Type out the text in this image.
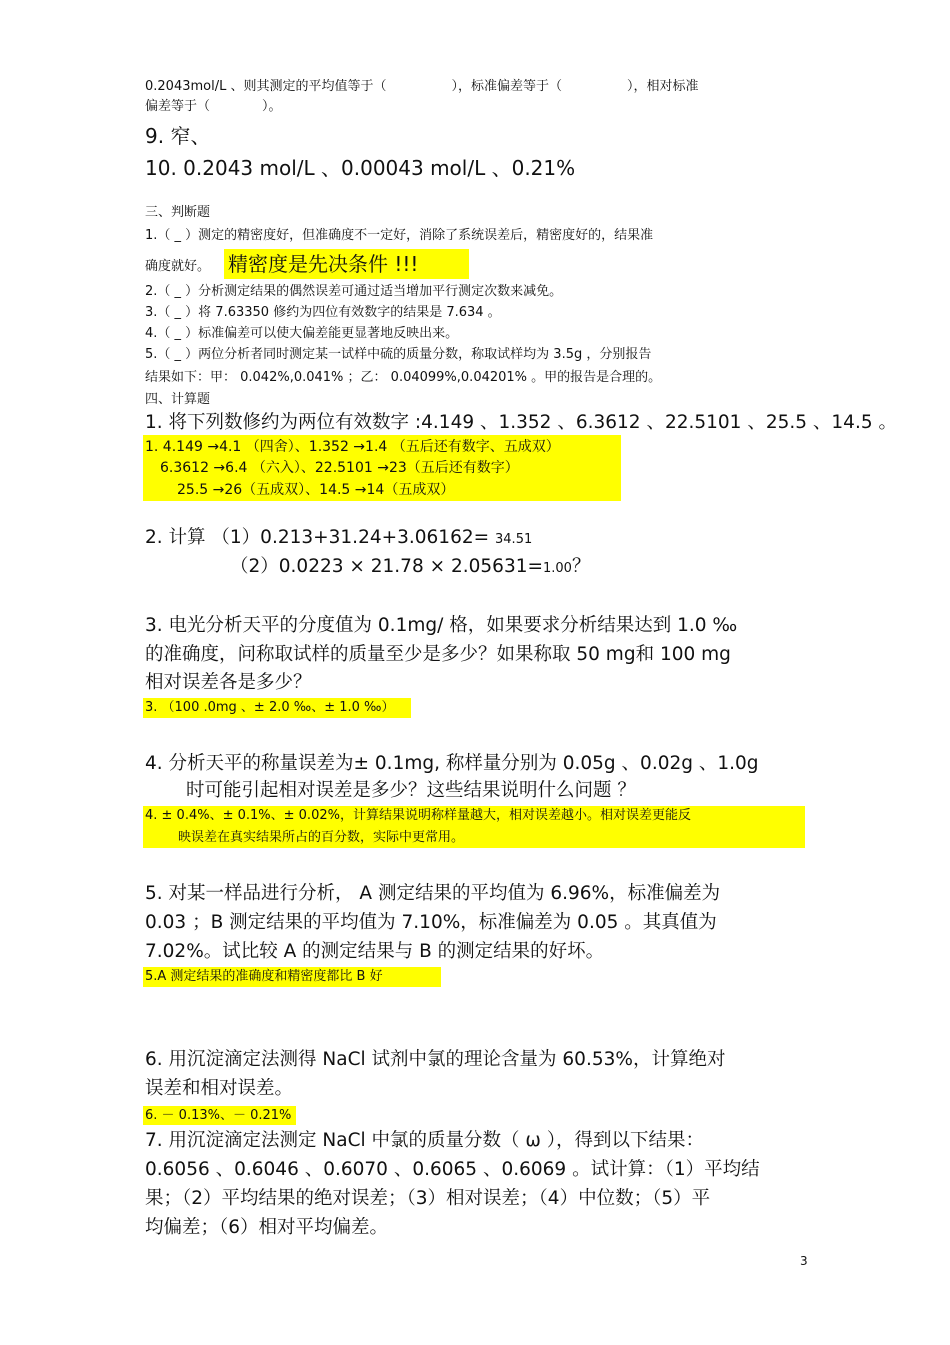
0.2043mol/L 、则其测定的平均值等于（　　　　　），标准偏差等于（　　　　　），相对标准
偏差等于（　　　　）。
9. 窄、
10. 0.2043 mol/L 、0.00043 mol/L 、0.21%
三、判断题
1.（ _ ）测定的精密度好，但准确度不一定好，消除了系统误差后，精密度好的，结果准
确度就好。 精密度是先决条件 !!!
2.（ _ ）分析测定结果的偶然误差可通过适当增加平行测定次数来减免。
3.（ _ ）将 7.63350 修约为四位有效数字的结果是 7.634 。
4.（ _ ）标准偏差可以使大偏差能更显著地反映出来。
5.（ _ ）两位分析者同时测定某一试样中硫的质量分数，称取试样均为 3.5g ，分别报告
结果如下：甲： 0.042%,0.041% ；乙： 0.04099%,0.04201% 。甲的报告是合理的。
四、计算题
1. 将下列数修约为两位有效数字 :4.149 、1.352 、6.3612 、22.5101 、25.5 、14.5 。
1. 4.149 →4.1 （四舍）、1.352 →1.4 （五后还有数字、五成双）
6.3612 →6.4 （六入）、22.5101 →23（五后还有数字）
25.5 →26（五成双）、14.5 →14（五成双）
2. 计算 （1）0.213+31.24+3.06162= 34.51
（2）0.0223 × 21.78 × 2.05631=1.00？
3. 电光分析天平的分度值为 0.1mg/ 格，如果要求分析结果达到 1.0 ‰
的准确度，问称取试样的质量至少是多少？如果称取 50 mg和 100 mg
相对误差各是多少？
3. （100 .0mg 、± 2.0 ‰、± 1.0 ‰）
4. 分析天平的称量误差为± 0.1mg, 称样量分别为 0.05g 、0.02g 、1.0g
时可能引起相对误差是多少？这些结果说明什么问题 ？
4. ± 0.4%、± 0.1%、± 0.02%，计算结果说明称样量越大，相对误差越小。相对误差更能反
映误差在真实结果所占的百分数，实际中更常用。
5. 对某一样品进行分析， A 测定结果的平均值为 6.96%，标准偏差为
0.03 ；B 测定结果的平均值为 7.10%，标准偏差为 0.05 。其真值为
7.02%。试比较 A 的测定结果与 B 的测定结果的好坏。
5.A 测定结果的准确度和精密度都比 B 好
6. 用沉淀滴定法测得 NaCl 试剂中氯的理论含量为 60.53%，计算绝对
误差和相对误差。
6. － 0.13%、－ 0.21%
7. 用沉淀滴定法测定 NaCl 中氯的质量分数（ ω ），得到以下结果：
0.6056 、0.6046 、0.6070 、0.6065 、0.6069 。试计算：（1）平均结
果；（2）平均结果的绝对误差；（3）相对误差；（4）中位数；（5）平
均偏差；（6）相对平均偏差。
3
